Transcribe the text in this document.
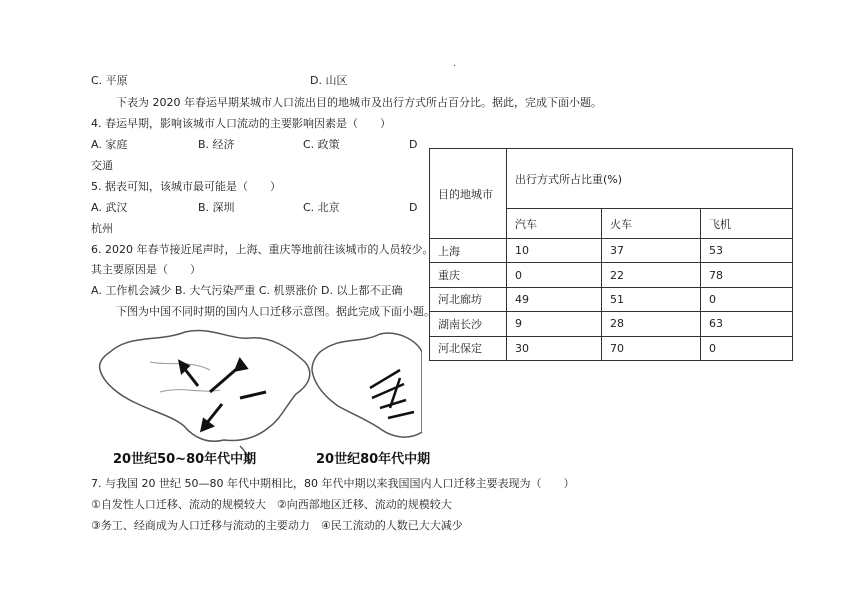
.
C. 平原	D. 山区
下表为 2020 年春运早期某城市人口流出目的地城市及出行方式所占百分比。据此，完成下面小题。
4. 春运早期，影响该城市人口流动的主要影响因素是（　　）
A. 家庭	B. 经济	C. 政策	D
交通
5. 据表可知，该城市最可能是（　　）
A. 武汉	B. 深圳	C. 北京	D
杭州
6. 2020 年春节接近尾声时，上海、重庆等地前往该城市的人员较少。
其主要原因是（　　）
A. 工作机会减少 B. 大气污染严重 C. 机票涨价 D. 以上都不正确
下图为中国不同时期的国内人口迁移示意图。据此完成下面小题。
目的地城市	出行方式所占比重(%)		
	汽车	火车	飞机
上海	10	37	53
重庆	0	22	78
河北廊坊	49	51	0
湖南长沙	9	28	63
河北保定	30	70	0
20世纪50~80年代中期	20世纪80年代中期
7. 与我国 20 世纪 50—80 年代中期相比，80 年代中期以来我国国内人口迁移主要表现为（　　）
①自发性人口迁移、流动的规模较大　②向西部地区迁移、流动的规模较大
③务工、经商成为人口迁移与流动的主要动力　④民工流动的人数已大大减少
